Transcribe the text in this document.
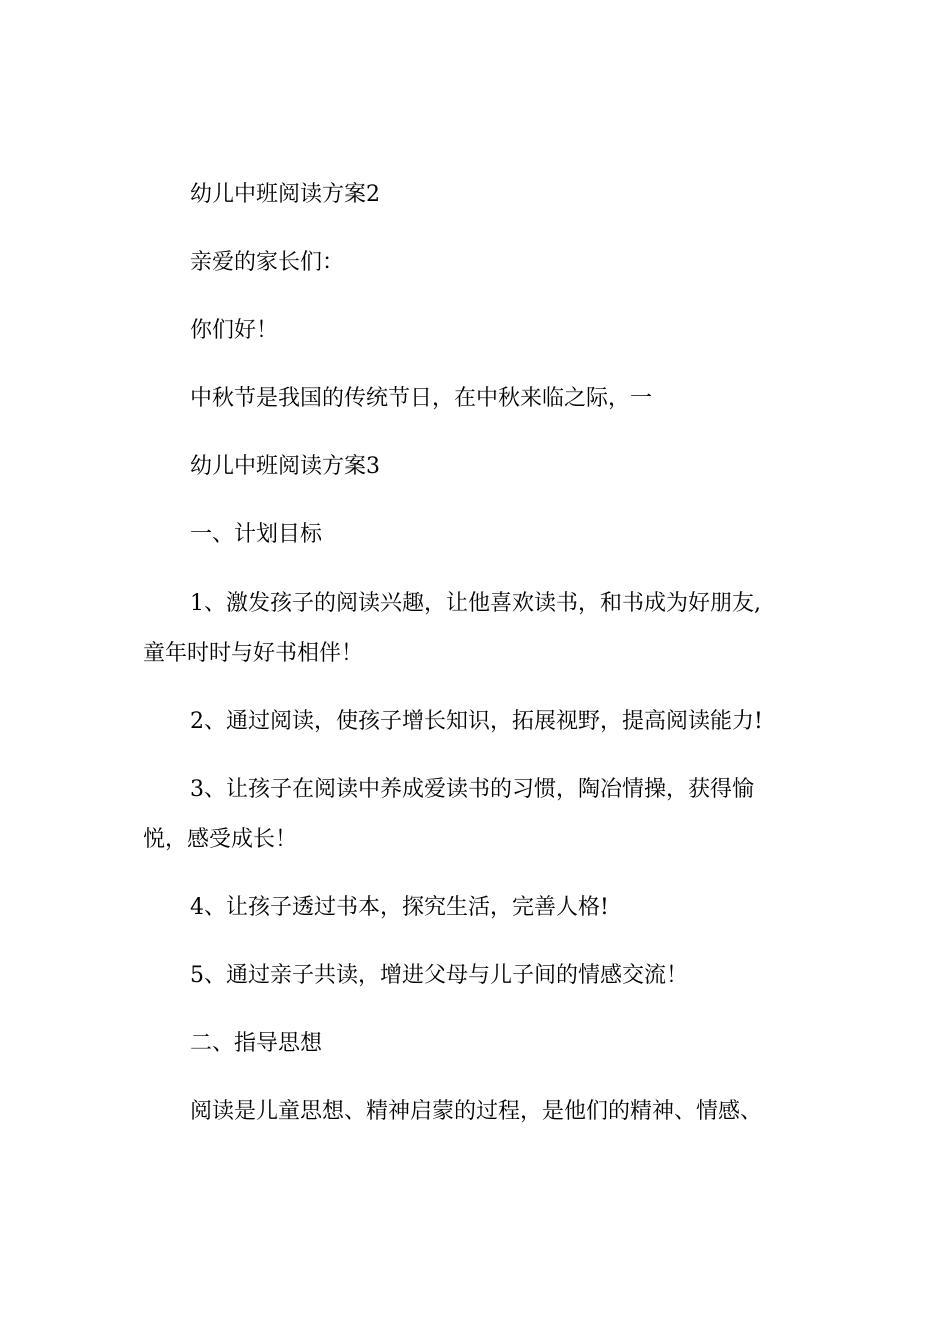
幼儿中班阅读方案2

亲爱的家长们：

你们好！

中秋节是我国的传统节日，在中秋来临之际，一

幼儿中班阅读方案3

一、计划目标

1、激发孩子的阅读兴趣，让他喜欢读书，和书成为好朋友,

童年时时与好书相伴！

2、通过阅读，使孩子增长知识，拓展视野，提高阅读能力!

3、让孩子在阅读中养成爱读书的习惯，陶冶情操，获得愉

悦，感受成长！

4、让孩子透过书本，探究生活，完善人格!

5、通过亲子共读，增进父母与儿子间的情感交流！

二、指导思想

阅读是儿童思想、精神启蒙的过程，是他们的精神、情感、
